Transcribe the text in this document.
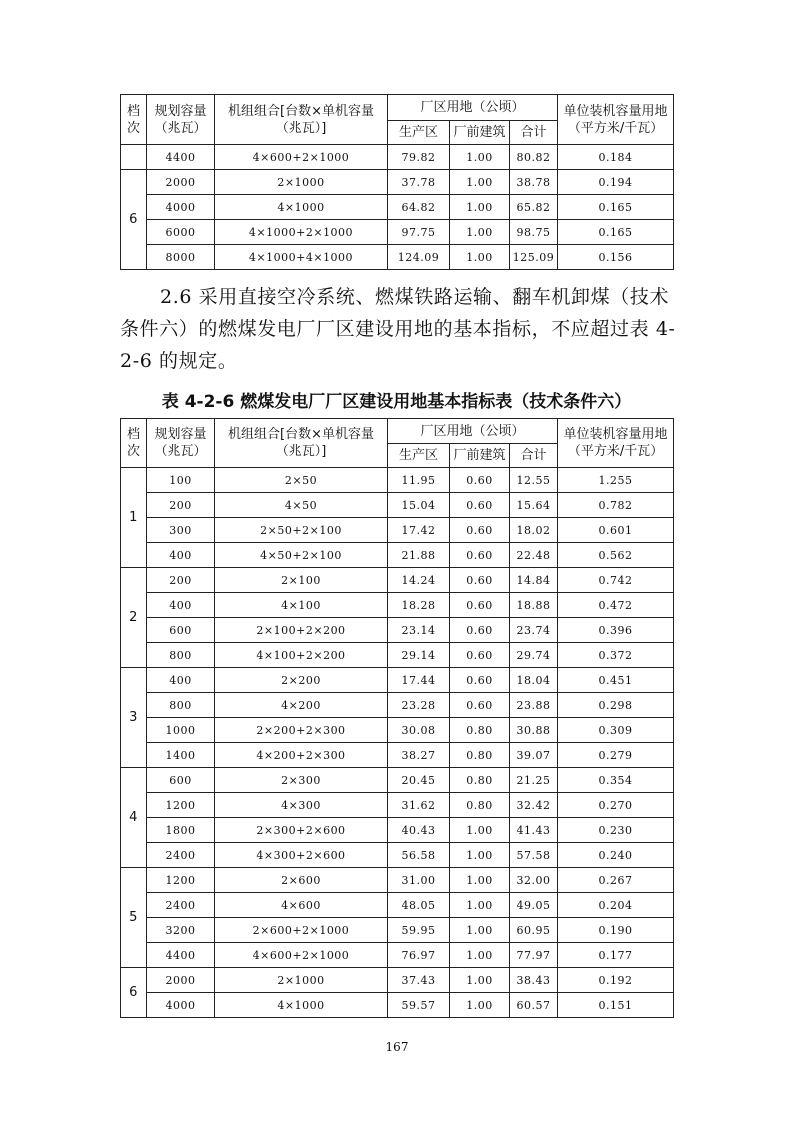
档
次	规划容量
（兆瓦）	机组组合[台数×单机容量
（兆瓦）]	厂区用地（公顷）			单位装机容量用地
（平方米/千瓦）
			生产区	厂前建筑	合计	
	4400	4×600+2×1000	79.82	1.00	80.82	0.184
6	2000	2×1000	37.78	1.00	38.78	0.194
	4000	4×1000	64.82	1.00	65.82	0.165
	6000	4×1000+2×1000	97.75	1.00	98.75	0.165
	8000	4×1000+4×1000	124.09	1.00	125.09	0.156

2.6 采用直接空冷系统、燃煤铁路运输、翻车机卸煤（技术条件六）的燃煤发电厂厂区建设用地的基本指标，不应超过表 4-2-6 的规定。

表 4-2-6 燃煤发电厂厂区建设用地基本指标表（技术条件六）
档
次	规划容量
（兆瓦）	机组组合[台数×单机容量
（兆瓦）]	厂区用地（公顷）			单位装机容量用地
（平方米/千瓦）
			生产区	厂前建筑	合计	
1	100	2×50	11.95	0.60	12.55	1.255
	200	4×50	15.04	0.60	15.64	0.782
	300	2×50+2×100	17.42	0.60	18.02	0.601
	400	4×50+2×100	21.88	0.60	22.48	0.562
2	200	2×100	14.24	0.60	14.84	0.742
	400	4×100	18.28	0.60	18.88	0.472
	600	2×100+2×200	23.14	0.60	23.74	0.396
	800	4×100+2×200	29.14	0.60	29.74	0.372
3	400	2×200	17.44	0.60	18.04	0.451
	800	4×200	23.28	0.60	23.88	0.298
	1000	2×200+2×300	30.08	0.80	30.88	0.309
	1400	4×200+2×300	38.27	0.80	39.07	0.279
4	600	2×300	20.45	0.80	21.25	0.354
	1200	4×300	31.62	0.80	32.42	0.270
	1800	2×300+2×600	40.43	1.00	41.43	0.230
	2400	4×300+2×600	56.58	1.00	57.58	0.240
5	1200	2×600	31.00	1.00	32.00	0.267
	2400	4×600	48.05	1.00	49.05	0.204
	3200	2×600+2×1000	59.95	1.00	60.95	0.190
	4400	4×600+2×1000	76.97	1.00	77.97	0.177
6	2000	2×1000	37.43	1.00	38.43	0.192
	4000	4×1000	59.57	1.00	60.57	0.151
167
